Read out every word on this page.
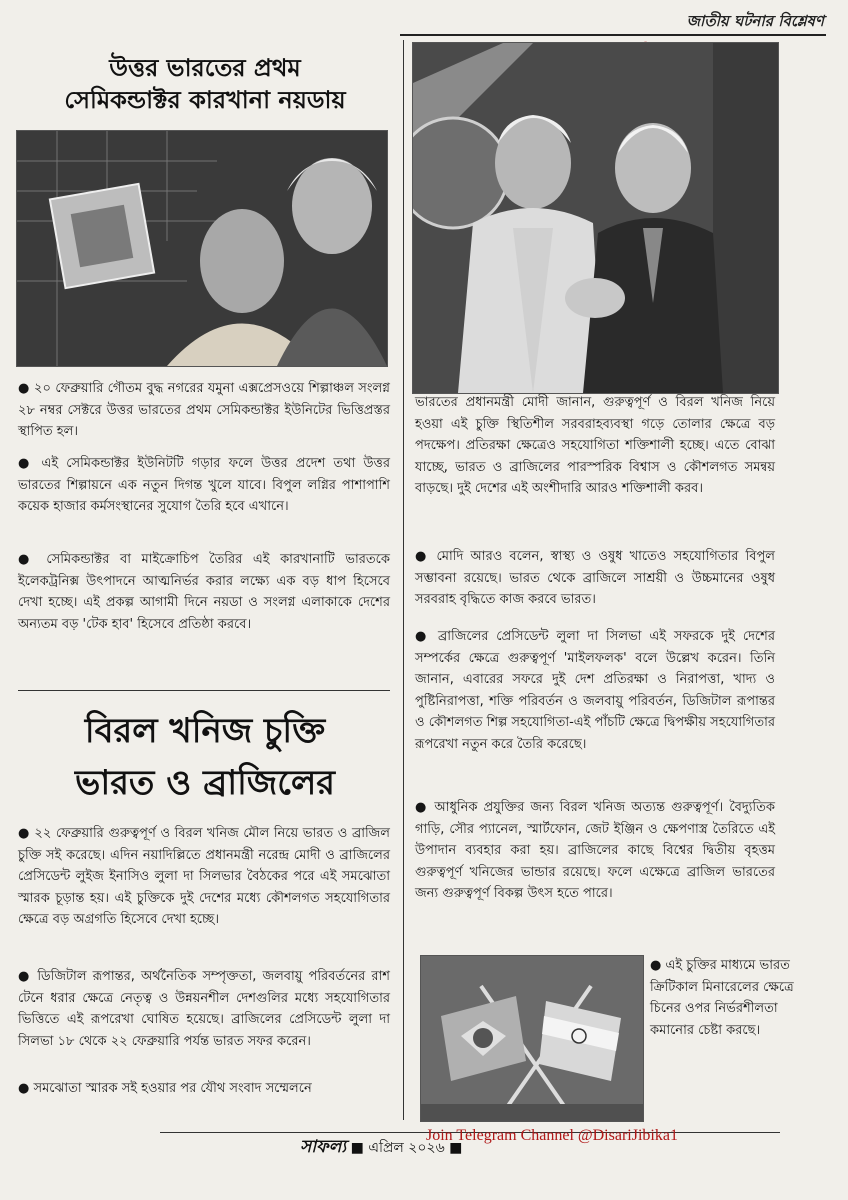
জাতীয় ঘটনার বিশ্লেষণ
উত্তর ভারতের প্রথম
সেমিকন্ডাক্টর কারখানা নয়ডায়
● ২০ ফেব্রুয়ারি গৌতম বুদ্ধ নগরের যমুনা এক্সপ্রেসওয়ে শিল্পাঞ্চল সংলগ্ন ২৮ নম্বর সেক্টরে উত্তর ভারতের প্রথম সেমিকন্ডাক্টর ইউনিটের ভিত্তিপ্রস্তর স্থাপিত হল।
● এই সেমিকন্ডাক্টর ইউনিটটি গড়ার ফলে উত্তর প্রদেশ তথা উত্তর ভারতের শিল্পায়নে এক নতুন দিগন্ত খুলে যাবে। বিপুল লগ্নির পাশাপাশি কয়েক হাজার কর্মসংস্থানের সুযোগ তৈরি হবে এখানে।
● সেমিকন্ডাক্টর বা মাইক্রোচিপ তৈরির এই কারখানাটি ভারতকে ইলেকট্রনিক্স উৎপাদনে আত্মনির্ভর করার লক্ষ্যে এক বড় ধাপ হিসেবে দেখা হচ্ছে। এই প্রকল্প আগামী দিনে নয়ডা ও সংলগ্ন এলাকাকে দেশের অন্যতম বড় 'টেক হাব' হিসেবে প্রতিষ্ঠা করবে।
বিরল খনিজ চুক্তি
ভারত ও ব্রাজিলের
● ২২ ফেব্রুয়ারি গুরুত্বপূর্ণ ও বিরল খনিজ মৌল নিয়ে ভারত ও ব্রাজিল চুক্তি সই করেছে। এদিন নয়াদিল্লিতে প্রধানমন্ত্রী নরেন্দ্র মোদী ও ব্রাজিলের প্রেসিডেন্ট লুইজ ইনাসিও লুলা দা সিলভার বৈঠকের পরে এই সমঝোতা স্মারক চূড়ান্ত হয়। এই চুক্তিকে দুই দেশের মধ্যে কৌশলগত সহযোগিতার ক্ষেত্রে বড় অগ্রগতি হিসেবে দেখা হচ্ছে।
● ডিজিটাল রূপান্তর, অর্থনৈতিক সম্পৃক্ততা, জলবায়ু পরিবর্তনের রাশ টেনে ধরার ক্ষেত্রে নেতৃত্ব ও উন্নয়নশীল দেশগুলির মধ্যে সহযোগিতার ভিত্তিতে এই রূপরেখা ঘোষিত হয়েছে। ব্রাজিলের প্রেসিডেন্ট লুলা দা সিলভা ১৮ থেকে ২২ ফেব্রুয়ারি পর্যন্ত ভারত সফর করেন।
● সমঝোতা স্মারক সই হওয়ার পর যৌথ সংবাদ সম্মেলনে
ভারতের প্রধানমন্ত্রী মোদী জানান, গুরুত্বপূর্ণ ও বিরল খনিজ নিয়ে হওয়া এই চুক্তি স্থিতিশীল সরবরাহব্যবস্থা গড়ে তোলার ক্ষেত্রে বড় পদক্ষেপ। প্রতিরক্ষা ক্ষেত্রেও সহযোগিতা শক্তিশালী হচ্ছে। এতে বোঝা যাচ্ছে, ভারত ও ব্রাজিলের পারস্পরিক বিশ্বাস ও কৌশলগত সমন্বয় বাড়ছে। দুই দেশের এই অংশীদারি আরও শক্তিশালী করব।
● মোদি আরও বলেন, স্বাস্থ্য ও ওষুধ খাতেও সহযোগিতার বিপুল সম্ভাবনা রয়েছে। ভারত থেকে ব্রাজিলে সাশ্রয়ী ও উচ্চমানের ওষুধ সরবরাহ বৃদ্ধিতে কাজ করবে ভারত।
● ব্রাজিলের প্রেসিডেন্ট লুলা দা সিলভা এই সফরকে দুই দেশের সম্পর্কের ক্ষেত্রে গুরুত্বপূর্ণ 'মাইলফলক' বলে উল্লেখ করেন। তিনি জানান, এবারের সফরে দুই দেশ প্রতিরক্ষা ও নিরাপত্তা, খাদ্য ও পুষ্টিনিরাপত্তা, শক্তি পরিবর্তন ও জলবায়ু পরিবর্তন, ডিজিটাল রূপান্তর ও কৌশলগত শিল্প সহযোগিতা-এই পাঁচটি ক্ষেত্রে দ্বিপক্ষীয় সহযোগিতার রূপরেখা নতুন করে তৈরি করেছে।
● আধুনিক প্রযুক্তির জন্য বিরল খনিজ অত্যন্ত গুরুত্বপূর্ণ। বৈদ্যুতিক গাড়ি, সৌর প্যানেল, স্মার্টফোন, জেট ইঞ্জিন ও ক্ষেপণাস্ত্র তৈরিতে এই উপাদান ব্যবহার করা হয়। ব্রাজিলের কাছে বিশ্বের দ্বিতীয় বৃহত্তম গুরুত্বপূর্ণ খনিজের ভান্ডার রয়েছে। ফলে এক্ষেত্রে ব্রাজিল ভারতের জন্য গুরুত্বপূর্ণ বিকল্প উৎস হতে পারে।
● এই চুক্তির মাধ্যমে ভারত ক্রিটিকাল মিনারেলের ক্ষেত্রে চিনের ওপর নির্ভরশীলতা কমানোর চেষ্টা করছে।
সাফল্য ■ এপ্রিল ২০২৬ ■
Join Telegram Channel @DisariJibika1
